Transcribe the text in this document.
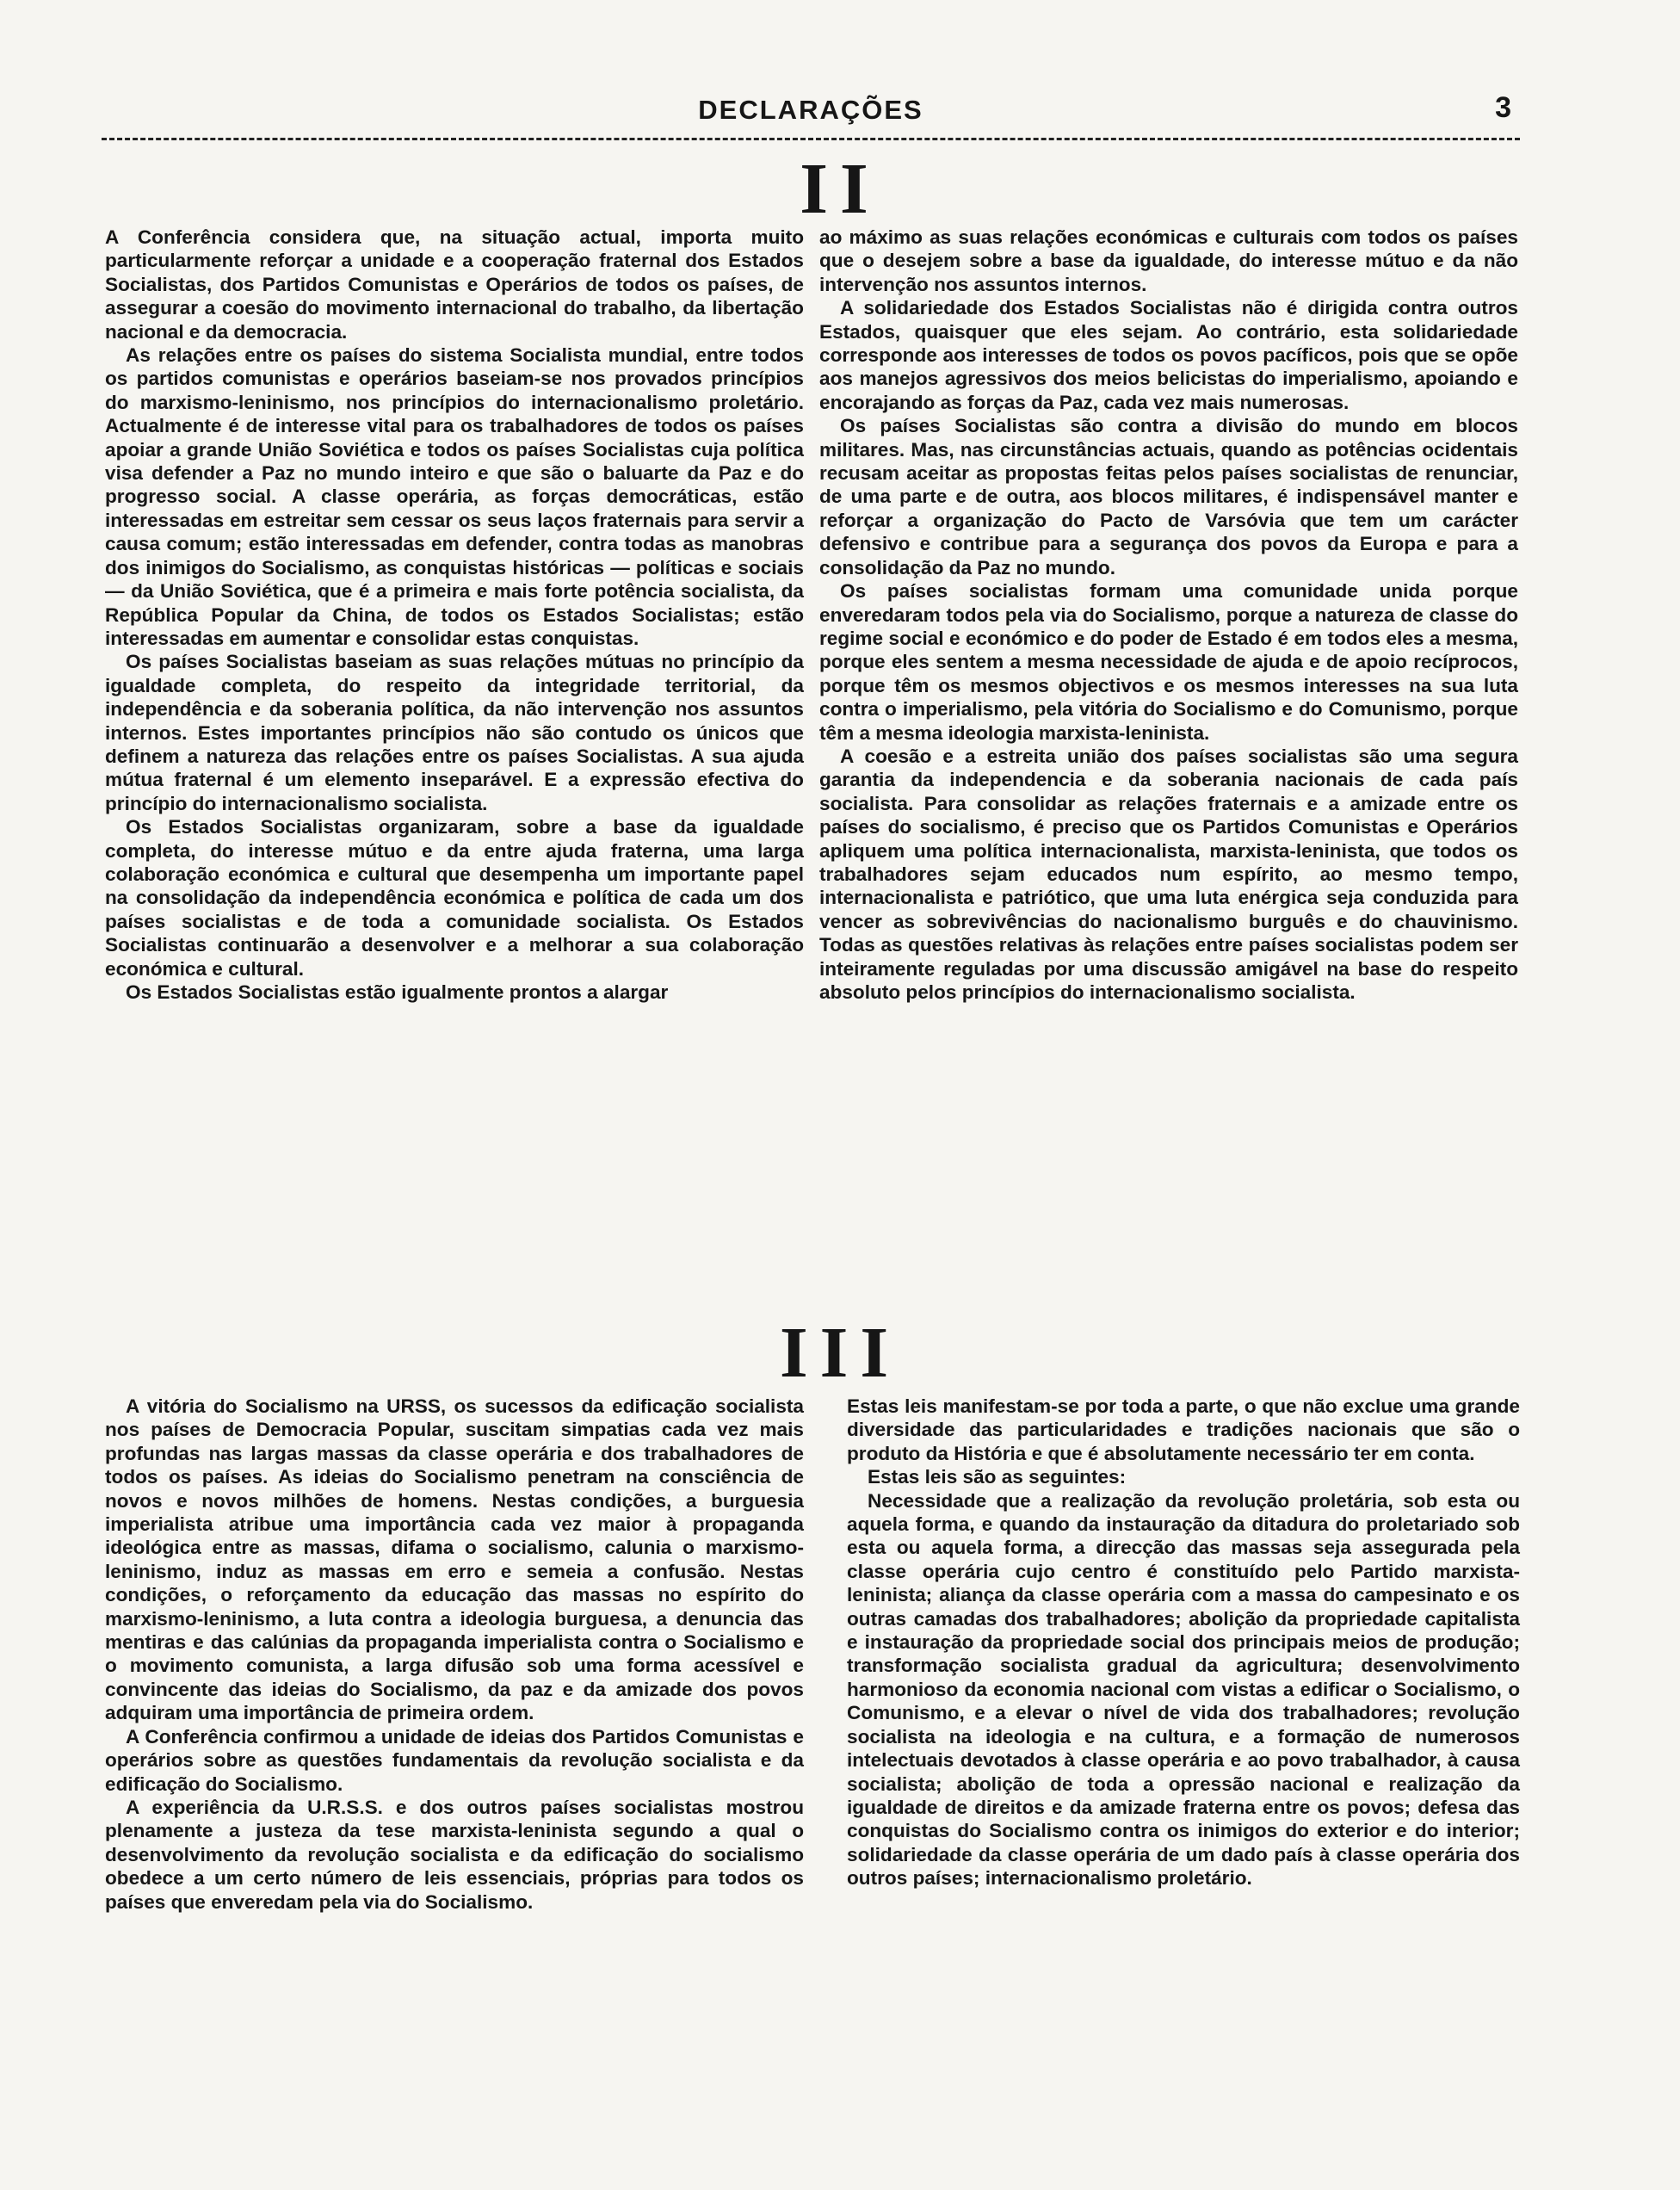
DECLARAÇÕES	3
II

A Conferência considera que, na situação actual, importa muito particularmente reforçar a unidade e a cooperação fraternal dos Estados Socialistas, dos Partidos Comunistas e Operários de todos os países, de assegurar a coesão do movimento internacional do trabalho, da libertação nacional e da democracia.

As relações entre os países do sistema Socialista mundial, entre todos os partidos comunistas e operários baseiam-se nos provados princípios do marxismo-leninismo, nos princípios do internacionalismo proletário. Actualmente é de interesse vital para os trabalhadores de todos os países apoiar a grande União Soviética e todos os países Socialistas cuja política visa defender a Paz no mundo inteiro e que são o baluarte da Paz e do progresso social. A classe operária, as forças democráticas, estão interessadas em estreitar sem cessar os seus laços fraternais para servir a causa comum; estão interessadas em defender, contra todas as manobras dos inimigos do Socialismo, as conquistas históricas — políticas e sociais — da União Soviética, que é a primeira e mais forte potência socialista, da República Popular da China, de todos os Estados Socialistas; estão interessadas em aumentar e consolidar estas conquistas.

Os países Socialistas baseiam as suas relações mútuas no princípio da igualdade completa, do respeito da integridade territorial, da independência e da soberania política, da não intervenção nos assuntos internos. Estes importantes princípios não são contudo os únicos que definem a natureza das relações entre os países Socialistas. A sua ajuda mútua fraternal é um elemento inseparável. E a expressão efectiva do princípio do internacionalismo socialista.

Os Estados Socialistas organizaram, sobre a base da igualdade completa, do interesse mútuo e da entre ajuda fraterna, uma larga colaboração económica e cultural que desempenha um importante papel na consolidação da independência económica e política de cada um dos países socialistas e de toda a comunidade socialista. Os Estados Socialistas continuarão a desenvolver e a melhorar a sua colaboração económica e cultural.

Os Estados Socialistas estão igualmente prontos a alargar

ao máximo as suas relações económicas e culturais com todos os países que o desejem sobre a base da igualdade, do interesse mútuo e da não intervenção nos assuntos internos.

A solidariedade dos Estados Socialistas não é dirigida contra outros Estados, quaisquer que eles sejam. Ao contrário, esta solidariedade corresponde aos interesses de todos os povos pacíficos, pois que se opõe aos manejos agressivos dos meios belicistas do imperialismo, apoiando e encorajando as forças da Paz, cada vez mais numerosas.

Os países Socialistas são contra a divisão do mundo em blocos militares. Mas, nas circunstâncias actuais, quando as potências ocidentais recusam aceitar as propostas feitas pelos países socialistas de renunciar, de uma parte e de outra, aos blocos militares, é indispensável manter e reforçar a organização do Pacto de Varsóvia que tem um carácter defensivo e contribue para a segurança dos povos da Europa e para a consolidação da Paz no mundo.

Os países socialistas formam uma comunidade unida porque enveredaram todos pela via do Socialismo, porque a natureza de classe do regime social e económico e do poder de Estado é em todos eles a mesma, porque eles sentem a mesma necessidade de ajuda e de apoio recíprocos, porque têm os mesmos objectivos e os mesmos interesses na sua luta contra o imperialismo, pela vitória do Socialismo e do Comunismo, porque têm a mesma ideologia marxista-leninista.

A coesão e a estreita união dos países socialistas são uma segura garantia da independencia e da soberania nacionais de cada país socialista. Para consolidar as relações fraternais e a amizade entre os países do socialismo, é preciso que os Partidos Comunistas e Operários apliquem uma política internacionalista, marxista-leninista, que todos os trabalhadores sejam educados num espírito, ao mesmo tempo, internacionalista e patriótico, que uma luta enérgica seja conduzida para vencer as sobrevivências do nacionalismo burguês e do chauvinismo. Todas as questões relativas às relações entre países socialistas podem ser inteiramente reguladas por uma discussão amigável na base do respeito absoluto pelos princípios do internacionalismo socialista.

III

A vitória do Socialismo na URSS, os sucessos da edificação socialista nos países de Democracia Popular, suscitam simpatias cada vez mais profundas nas largas massas da classe operária e dos trabalhadores de todos os países. As ideias do Socialismo penetram na consciência de novos e novos milhões de homens. Nestas condições, a burguesia imperialista atribue uma importância cada vez maior à propaganda ideológica entre as massas, difama o socialismo, calunia o marxismo-leninismo, induz as massas em erro e semeia a confusão. Nestas condições, o reforçamento da educação das massas no espírito do marxismo-leninismo, a luta contra a ideologia burguesa, a denuncia das mentiras e das calúnias da propaganda imperialista contra o Socialismo e o movimento comunista, a larga difusão sob uma forma acessível e convincente das ideias do Socialismo, da paz e da amizade dos povos adquiram uma importância de primeira ordem.

A Conferência confirmou a unidade de ideias dos Partidos Comunistas e operários sobre as questões fundamentais da revolução socialista e da edificação do Socialismo.

A experiência da U.R.S.S. e dos outros países socialistas mostrou plenamente a justeza da tese marxista-leninista segundo a qual o desenvolvimento da revolução socialista e da edificação do socialismo obedece a um certo número de leis essenciais, próprias para todos os países que enveredam pela via do Socialismo.

Estas leis manifestam-se por toda a parte, o que não exclue uma grande diversidade das particularidades e tradições nacionais que são o produto da História e que é absolutamente necessário ter em conta.

Estas leis são as seguintes:

Necessidade que a realização da revolução proletária, sob esta ou aquela forma, e quando da instauração da ditadura do proletariado sob esta ou aquela forma, a direcção das massas seja assegurada pela classe operária cujo centro é constituído pelo Partido marxista-leninista; aliança da classe operária com a massa do campesinato e os outras camadas dos trabalhadores; abolição da propriedade capitalista e instauração da propriedade social dos principais meios de produção; transformação socialista gradual da agricultura; desenvolvimento harmonioso da economia nacional com vistas a edificar o Socialismo, o Comunismo, e a elevar o nível de vida dos trabalhadores; revolução socialista na ideologia e na cultura, e a formação de numerosos intelectuais devotados à classe operária e ao povo trabalhador, à causa socialista; abolição de toda a opressão nacional e realização da igualdade de direitos e da amizade fraterna entre os povos; defesa das conquistas do Socialismo contra os inimigos do exterior e do interior; solidariedade da classe operária de um dado país à classe operária dos outros países; internacionalismo proletário.
